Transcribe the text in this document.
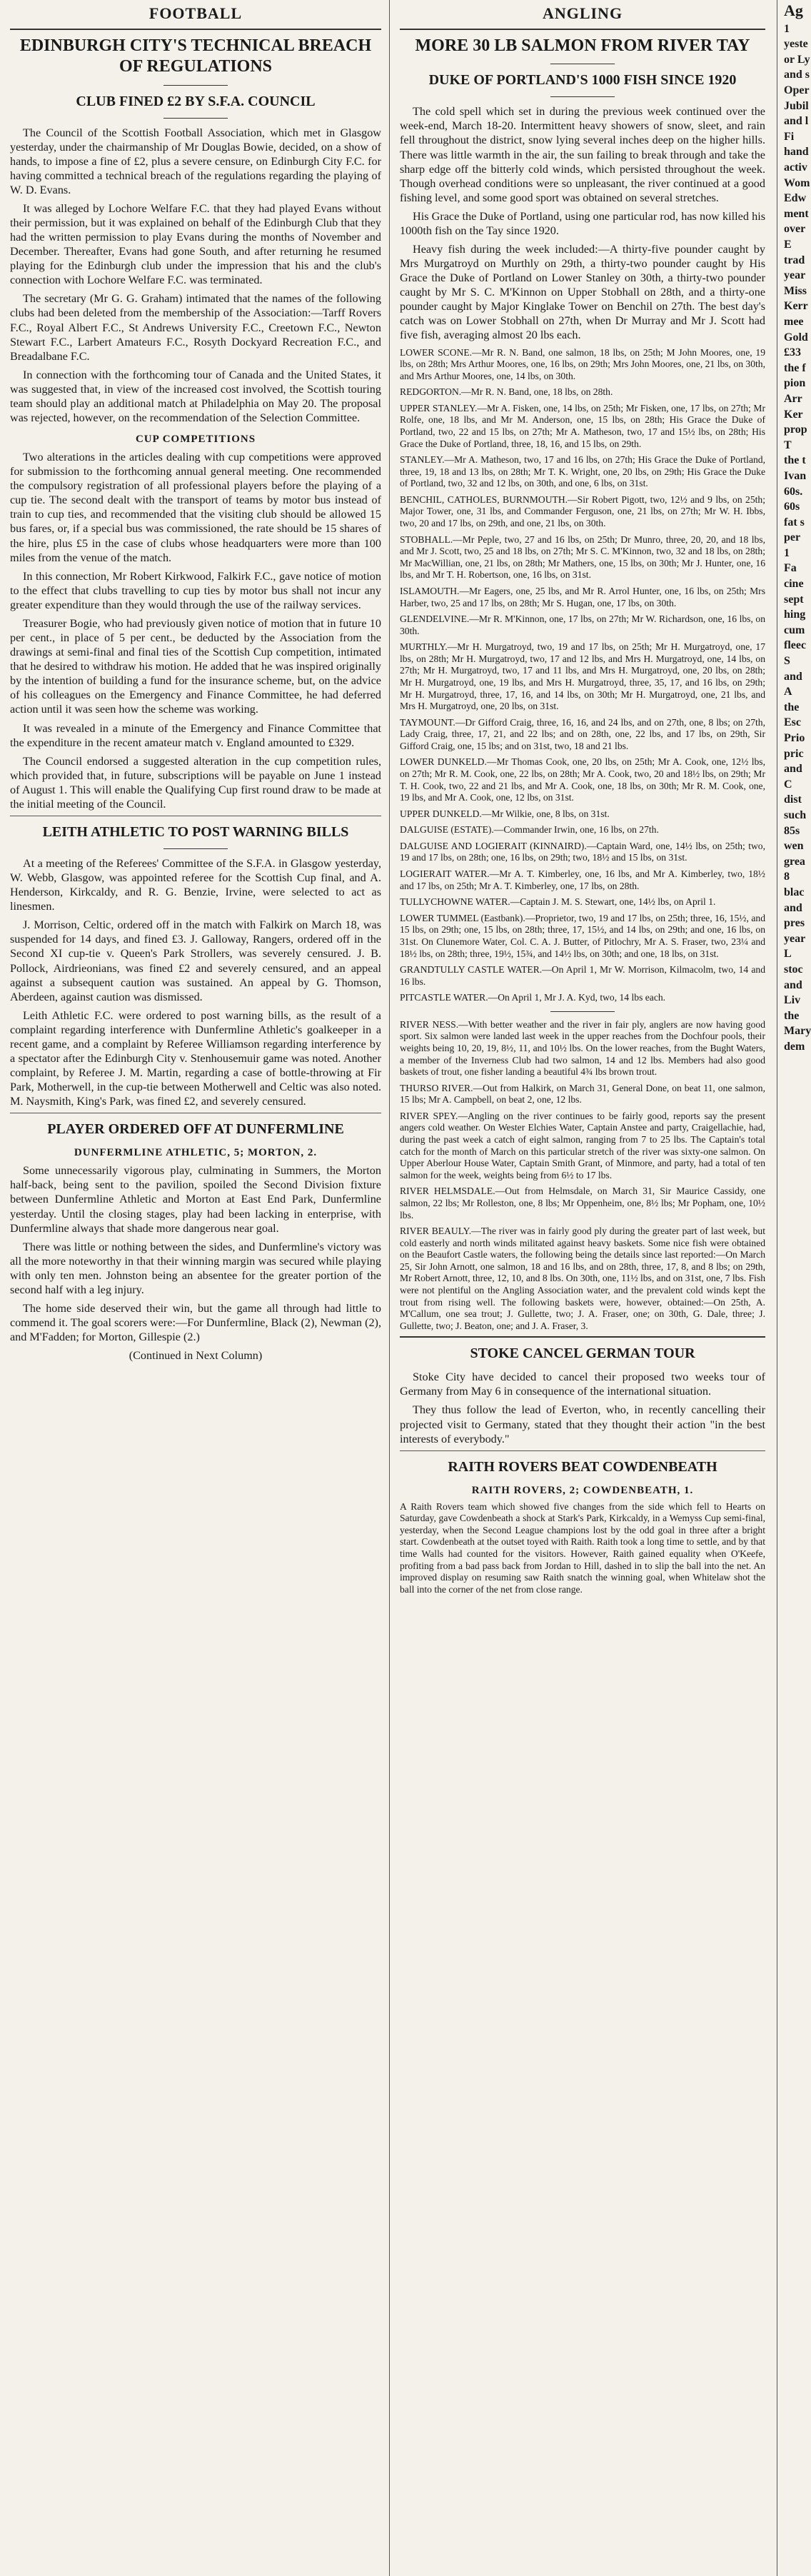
FOOTBALL
EDINBURGH CITY'S TECHNICAL BREACH OF REGULATIONS
CLUB FINED £2 BY S.F.A. COUNCIL

The Council of the Scottish Football Association, which met in Glasgow yesterday, under the chairmanship of Mr Douglas Bowie, decided, on a show of hands, to impose a fine of £2, plus a severe censure, on Edinburgh City F.C. for having committed a technical breach of the regulations regarding the playing of W. D. Evans.

It was alleged by Lochore Welfare F.C. that they had played Evans without their permission, but it was explained on behalf of the Edinburgh Club that they had the written permission to play Evans during the months of November and December. Thereafter, Evans had gone South, and after returning he resumed playing for the Edinburgh club under the impression that his and the club's connection with Lochore Welfare F.C. was terminated.

The secretary (Mr G. G. Graham) intimated that the names of the following clubs had been deleted from the membership of the Association:—Tarff Rovers F.C., Royal Albert F.C., St Andrews University F.C., Creetown F.C., Newton Stewart F.C., Larbert Amateurs F.C., Rosyth Dockyard Recreation F.C., and Breadalbane F.C.

In connection with the forthcoming tour of Canada and the United States, it was suggested that, in view of the increased cost involved, the Scottish touring team should play an additional match at Philadelphia on May 20. The proposal was rejected, however, on the recommendation of the Selection Committee.

CUP COMPETITIONS

Two alterations in the articles dealing with cup competitions were approved for submission to the forthcoming annual general meeting. One recommended the compulsory registration of all professional players before the playing of a cup tie. The second dealt with the transport of teams by motor bus instead of train to cup ties, and recommended that the visiting club should be allowed 15 bus fares, or, if a special bus was commissioned, the rate should be 15 shares of the hire, plus £5 in the case of clubs whose headquarters were more than 100 miles from the venue of the match.

In this connection, Mr Robert Kirkwood, Falkirk F.C., gave notice of motion to the effect that clubs travelling to cup ties by motor bus shall not incur any greater expenditure than they would through the use of the railway services.

Treasurer Bogie, who had previously given notice of motion that in future 10 per cent., in place of 5 per cent., be deducted by the Association from the drawings at semi-final and final ties of the Scottish Cup competition, intimated that he desired to withdraw his motion. He added that he was inspired originally by the intention of building a fund for the insurance scheme, but, on the advice of his colleagues on the Emergency and Finance Committee, he had deferred action until it was seen how the scheme was working.

It was revealed in a minute of the Emergency and Finance Committee that the expenditure in the recent amateur match v. England amounted to £329.

The Council endorsed a suggested alteration in the cup competition rules, which provided that, in future, subscriptions will be payable on June 1 instead of August 1. This will enable the Qualifying Cup first round draw to be made at the initial meeting of the Council.

LEITH ATHLETIC TO POST WARNING BILLS

At a meeting of the Referees' Committee of the S.F.A. in Glasgow yesterday, W. Webb, Glasgow, was appointed referee for the Scottish Cup final, and A. Henderson, Kirkcaldy, and R. G. Benzie, Irvine, were selected to act as linesmen.

J. Morrison, Celtic, ordered off in the match with Falkirk on March 18, was suspended for 14 days, and fined £3. J. Galloway, Rangers, ordered off in the Second XI cup-tie v. Queen's Park Strollers, was severely censured. J. B. Pollock, Airdrieonians, was fined £2 and severely censured, and an appeal against a subsequent caution was sustained. An appeal by G. Thomson, Aberdeen, against caution was dismissed.

Leith Athletic F.C. were ordered to post warning bills, as the result of a complaint regarding interference with Dunfermline Athletic's goalkeeper in a recent game, and a complaint by Referee Williamson regarding interference by a spectator after the Edinburgh City v. Stenhousemuir game was noted. Another complaint, by Referee J. M. Martin, regarding a case of bottle-throwing at Fir Park, Motherwell, in the cup-tie between Motherwell and Celtic was also noted. M. Naysmith, King's Park, was fined £2, and severely censured.

PLAYER ORDERED OFF AT DUNFERMLINE
DUNFERMLINE ATHLETIC, 5; MORTON, 2.

Some unnecessarily vigorous play, culminating in Summers, the Morton half-back, being sent to the pavilion, spoiled the Second Division fixture between Dunfermline Athletic and Morton at East End Park, Dunfermline yesterday. Until the closing stages, play had been lacking in enterprise, with Dunfermline always that shade more dangerous near goal.

There was little or nothing between the sides, and Dunfermline's victory was all the more noteworthy in that their winning margin was secured while playing with only ten men. Johnston being an absentee for the greater portion of the second half with a leg injury.

The home side deserved their win, but the game all through had little to commend it. The goal scorers were:—For Dunfermline, Black (2), Newman (2), and M'Fadden; for Morton, Gillespie (2.)

(Continued in Next Column)

ANGLING
MORE 30 LB SALMON FROM RIVER TAY
DUKE OF PORTLAND'S 1000 FISH SINCE 1920

The cold spell which set in during the previous week continued over the week-end, March 18-20. Intermittent heavy showers of snow, sleet, and rain fell throughout the district, snow lying several inches deep on the higher hills. There was little warmth in the air, the sun failing to break through and take the sharp edge off the bitterly cold winds, which persisted throughout the week. Though overhead conditions were so unpleasant, the river continued at a good fishing level, and some good sport was obtained on several stretches.

His Grace the Duke of Portland, using one particular rod, has now killed his 1000th fish on the Tay since 1920.

Heavy fish during the week included:—A thirty-five pounder caught by Mrs Murgatroyd on Murthly on 29th, a thirty-two pounder caught by His Grace the Duke of Portland on Lower Stanley on 30th, a thirty-two pounder caught by Mr S. C. M'Kinnon on Upper Stobhall on 28th, and a thirty-one pounder caught by Major Kinglake Tower on Benchil on 27th. The best day's catch was on Lower Stobhall on 27th, when Dr Murray and Mr J. Scott had five fish, averaging almost 20 lbs each.

LOWER SCONE.—Mr R. N. Band, one salmon, 18 lbs, on 25th; M John Moores, one, 19 lbs, on 28th; Mrs Arthur Moores, one, 16 lbs, on 29th; Mrs John Moores, one, 21 lbs, on 30th, and Mrs Arthur Moores, one, 14 lbs, on 30th.

REDGORTON.—Mr R. N. Band, one, 18 lbs, on 28th.

UPPER STANLEY.—Mr A. Fisken, one, 14 lbs, on 25th; Mr Fisken, one, 17 lbs, on 27th; Mr Rolfe, one, 18 lbs, and Mr M. Anderson, one, 15 lbs, on 28th; His Grace the Duke of Portland, two, 22 and 15 lbs, on 27th; Mr A. Matheson, two, 17 and 15½ lbs, on 28th; His Grace the Duke of Portland, three, 18, 16, and 15 lbs, on 29th.

STANLEY.—Mr A. Matheson, two, 17 and 16 lbs, on 27th; His Grace the Duke of Portland, three, 19, 18 and 13 lbs, on 28th; Mr T. K. Wright, one, 20 lbs, on 29th; His Grace the Duke of Portland, two, 32 and 12 lbs, on 30th, and one, 6 lbs, on 31st.

BENCHIL, CATHOLES, BURNMOUTH.—Sir Robert Pigott, two, 12½ and 9 lbs, on 25th; Major Tower, one, 31 lbs, and Commander Ferguson, one, 21 lbs, on 27th; Mr W. H. Ibbs, two, 20 and 17 lbs, on 29th, and one, 21 lbs, on 30th.

STOBHALL.—Mr Peple, two, 27 and 16 lbs, on 25th; Dr Munro, three, 20, 20, and 18 lbs, and Mr J. Scott, two, 25 and 18 lbs, on 27th; Mr S. C. M'Kinnon, two, 32 and 18 lbs, on 28th; Mr MacWillian, one, 21 lbs, on 28th; Mr Mathers, one, 15 lbs, on 30th; Mr J. Hunter, one, 16 lbs, and Mr T. H. Robertson, one, 16 lbs, on 31st.

ISLAMOUTH.—Mr Eagers, one, 25 lbs, and Mr R. Arrol Hunter, one, 16 lbs, on 25th; Mrs Harber, two, 25 and 17 lbs, on 28th; Mr S. Hugan, one, 17 lbs, on 30th.

GLENDELVINE.—Mr R. M'Kinnon, one, 17 lbs, on 27th; Mr W. Richardson, one, 16 lbs, on 30th.

MURTHLY.—Mr H. Murgatroyd, two, 19 and 17 lbs, on 25th; Mr H. Murgatroyd, one, 17 lbs, on 28th; Mr H. Murgatroyd, two, 17 and 12 lbs, and Mrs H. Murgatroyd, one, 14 lbs, on 27th; Mr H. Murgatroyd, two, 17 and 11 lbs, and Mrs H. Murgatroyd, one, 20 lbs, on 28th; Mr H. Murgatroyd, one, 19 lbs, and Mrs H. Murgatroyd, three, 35, 17, and 16 lbs, on 29th; Mr H. Murgatroyd, three, 17, 16, and 14 lbs, on 30th; Mr H. Murgatroyd, one, 21 lbs, and Mrs H. Murgatroyd, one, 20 lbs, on 31st.

TAYMOUNT.—Dr Gifford Craig, three, 16, 16, and 24 lbs, and on 27th, one, 8 lbs; on 27th, Lady Craig, three, 17, 21, and 22 lbs; and on 28th, one, 22 lbs, and 17 lbs, on 29th, Sir Gifford Craig, one, 15 lbs; and on 31st, two, 18 and 21 lbs.

LOWER DUNKELD.—Mr Thomas Cook, one, 20 lbs, on 25th; Mr A. Cook, one, 12½ lbs, on 27th; Mr R. M. Cook, one, 22 lbs, on 28th; Mr A. Cook, two, 20 and 18½ lbs, on 29th; Mr T. H. Cook, two, 22 and 21 lbs, and Mr A. Cook, one, 18 lbs, on 30th; Mr R. M. Cook, one, 19 lbs, and Mr A. Cook, one, 12 lbs, on 31st.

UPPER DUNKELD.—Mr Wilkie, one, 8 lbs, on 31st.

DALGUISE (ESTATE).—Commander Irwin, one, 16 lbs, on 27th.

DALGUISE AND LOGIERAIT (KINNAIRD).—Captain Ward, one, 14½ lbs, on 25th; two, 19 and 17 lbs, on 28th; one, 16 lbs, on 29th; two, 18½ and 15 lbs, on 31st.

LOGIERAIT WATER.—Mr A. T. Kimberley, one, 16 lbs, and Mr A. Kimberley, two, 18½ and 17 lbs, on 25th; Mr A. T. Kimberley, one, 17 lbs, on 28th.

TULLYCHOWNE WATER.—Captain J. M. S. Stewart, one, 14½ lbs, on April 1.

LOWER TUMMEL (Eastbank).—Proprietor, two, 19 and 17 lbs, on 25th; three, 16, 15½, and 15 lbs, on 29th; one, 15 lbs, on 28th; three, 17, 15½, and 14 lbs, on 29th; and one, 16 lbs, on 31st. On Clunemore Water, Col. C. A. J. Butter, of Pitlochry, Mr A. S. Fraser, two, 23¼ and 18½ lbs, on 28th; three, 19½, 15¾, and 14½ lbs, on 30th; and one, 18 lbs, on 31st.

GRANDTULLY CASTLE WATER.—On April 1, Mr W. Morrison, Kilmacolm, two, 14 and 16 lbs.

PITCASTLE WATER.—On April 1, Mr J. A. Kyd, two, 14 lbs each.

RIVER NESS.—With better weather and the river in fair ply, anglers are now having good sport. Six salmon were landed last week in the upper reaches from the Dochfour pools, their weights being 10, 20, 19, 8½, 11, and 10½ lbs. On the lower reaches, from the Bught Waters, a member of the Inverness Club had two salmon, 14 and 12 lbs. Members had also good baskets of trout, one fisher landing a beautiful 4¾ lbs brown trout.

THURSO RIVER.—Out from Halkirk, on March 31, General Done, on beat 11, one salmon, 15 lbs; Mr A. Campbell, on beat 2, one, 12 lbs.

RIVER SPEY.—Angling on the river continues to be fairly good, reports say the present angers cold weather. On Wester Elchies Water, Captain Anstee and party, Craigellachie, had, during the past week a catch of eight salmon, ranging from 7 to 25 lbs. The Captain's total catch for the month of March on this particular stretch of the river was sixty-one salmon. On Upper Aberlour House Water, Captain Smith Grant, of Minmore, and party, had a total of ten salmon for the week, weights being from 6½ to 17 lbs.

RIVER HELMSDALE.—Out from Helmsdale, on March 31, Sir Maurice Cassidy, one salmon, 22 lbs; Mr Rolleston, one, 8 lbs; Mr Oppenheim, one, 8½ lbs; Mr Popham, one, 10½ lbs.

RIVER BEAULY.—The river was in fairly good ply during the greater part of last week, but cold easterly and north winds militated against heavy baskets. Some nice fish were obtained on the Beaufort Castle waters, the following being the details since last reported:—On March 25, Sir John Arnott, one salmon, 18 and 16 lbs, and on 28th, three, 17, 8, and 8 lbs; on 29th, Mr Robert Arnott, three, 12, 10, and 8 lbs. On 30th, one, 11½ lbs, and on 31st, one, 7 lbs. Fish were not plentiful on the Angling Association water, and the prevalent cold winds kept the trout from rising well. The following baskets were, however, obtained:—On 25th, A. M'Callum, one sea trout; J. Gullette, two; J. A. Fraser, one; on 30th, G. Dale, three; J. Gullette, two; J. Beaton, one; and J. A. Fraser, 3.

STOKE CANCEL GERMAN TOUR

Stoke City have decided to cancel their proposed two weeks tour of Germany from May 6 in consequence of the international situation.

They thus follow the lead of Everton, who, in recently cancelling their projected visit to Germany, stated that they thought their action "in the best interests of everybody."

RAITH ROVERS BEAT COWDENBEATH
RAITH ROVERS, 2; COWDENBEATH, 1.

A Raith Rovers team which showed five changes from the side which fell to Hearts on Saturday, gave Cowdenbeath a shock at Stark's Park, Kirkcaldy, in a Wemyss Cup semi-final, yesterday, when the Second League champions lost by the odd goal in three after a bright start. Cowdenbeath at the outset toyed with Raith. Raith took a long time to settle, and by that time Walls had counted for the visitors. However, Raith gained equality when O'Keefe, profiting from a bad pass back from Jordan to Hill, dashed in to slip the ball into the net. An improved display on resuming saw Raith snatch the winning goal, when Whitelaw shot the ball into the corner of the net from close range.

Ag
1
yeste
or Ly
and s
Oper
Jubil
and l
Fi
hand
activ
Wom
Edw
ment
over
E
trad
year
Miss
Kerr
mee
Gold
£33
the f
pion
Arr
Ker
prop
T
the t
Ivan
60s.
60s
fat s
per
1
Fa
cine
sept
hing
cum
fleec
S
and
A
the
Esc
Prio
pric
and
C
dist
such
85s
wen
grea
8
blac
and
pres
year
L
stoc
and
Liv
the
Mary
dem
